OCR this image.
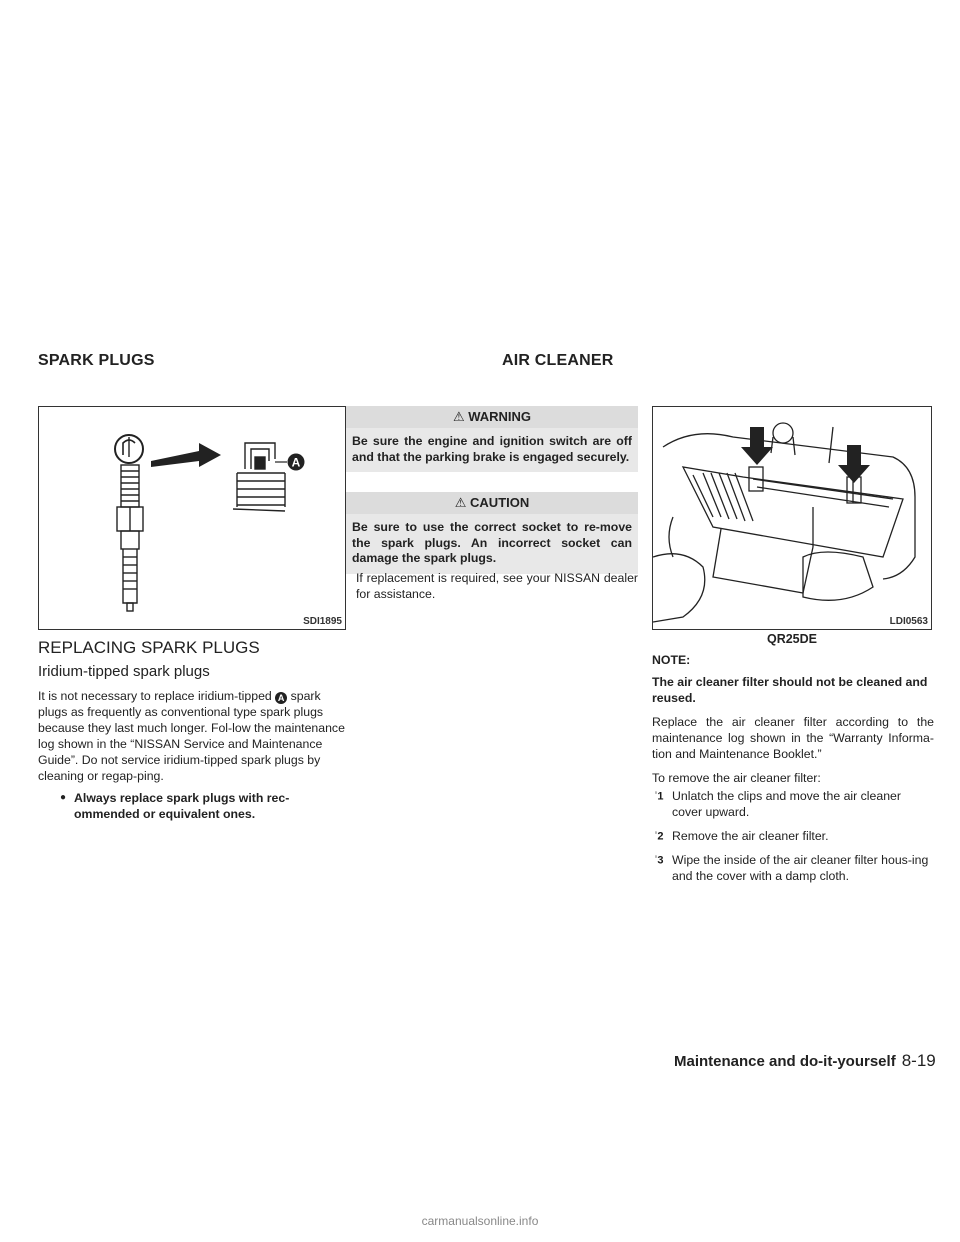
SPARK PLUGS	AIR CLEANER
A
SDI1895
REPLACING SPARK PLUGS
Iridium-tipped spark plugs

It is not necessary to replace iridium-tipped A spark plugs as frequently as conventional type spark plugs because they last much longer. Fol-low the maintenance log shown in the “NISSAN Service and Maintenance Guide”. Do not service iridium-tipped spark plugs by cleaning or regap-ping.

● Always replace spark plugs with rec-ommended or equivalent ones.
⚠ WARNING
Be sure the engine and ignition switch are off and that the parking brake is engaged securely.
⚠ CAUTION
Be sure to use the correct socket to re-move the spark plugs. An incorrect socket can damage the spark plugs.

If replacement is required, see your NISSAN dealer for assistance.

LDI0563
QR25DE

NOTE:

The air cleaner filter should not be cleaned and reused.

Replace the air cleaner filter according to the maintenance log shown in the “Warranty Informa-tion and Maintenance Booklet.”

To remove the air cleaner filter:

◦1 Unlatch the clips and move the air cleaner cover upward.
◦2 Remove the air cleaner filter.
◦3 Wipe the inside of the air cleaner filter hous-ing and the cover with a damp cloth.
Maintenance and do-it-yourself 8-19
carmanualsonline.info
